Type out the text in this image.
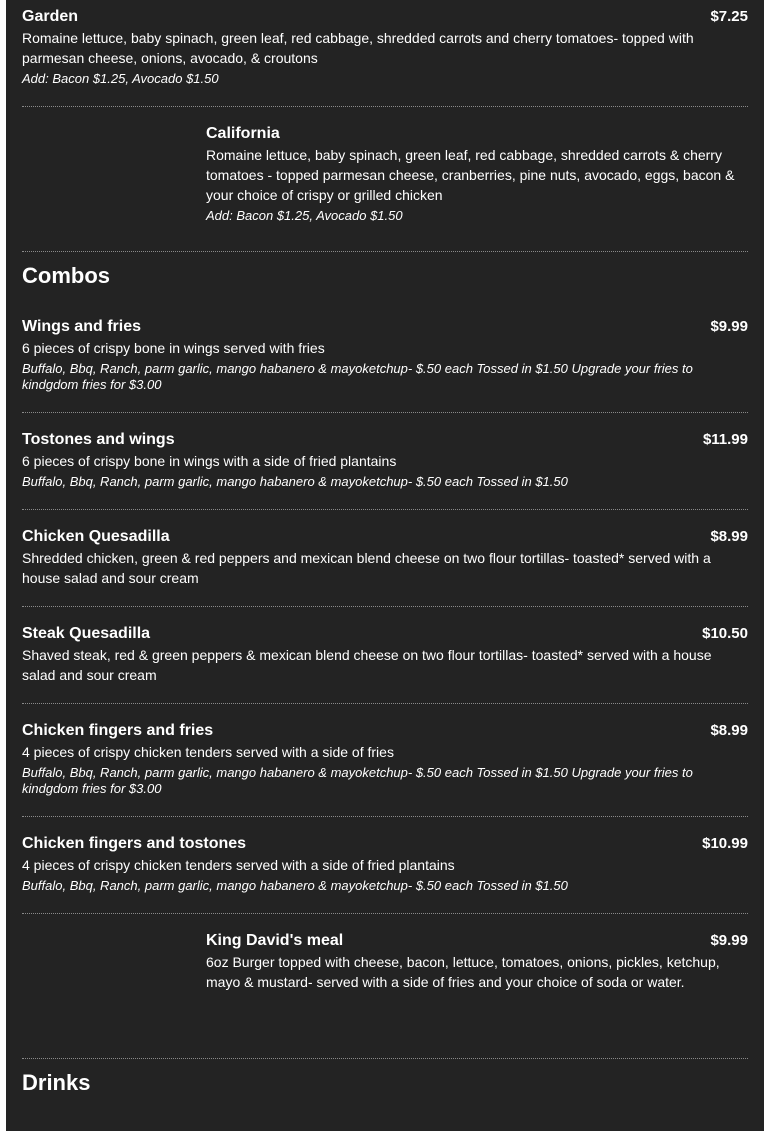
Garden	$7.25
Romaine lettuce, baby spinach, green leaf, red cabbage, shredded carrots and cherry tomatoes- topped with parmesan cheese, onions, avocado, & croutons
Add: Bacon $1.25, Avocado $1.50
California
Romaine lettuce, baby spinach, green leaf, red cabbage, shredded carrots & cherry tomatoes - topped parmesan cheese, cranberries, pine nuts, avocado, eggs, bacon & your choice of crispy or grilled chicken
Add: Bacon $1.25, Avocado $1.50
Combos
Wings and fries	$9.99
6 pieces of crispy bone in wings served with fries
Buffalo, Bbq, Ranch, parm garlic, mango habanero & mayoketchup- $.50 each Tossed in $1.50 Upgrade your fries to kindgdom fries for $3.00
Tostones and wings	$11.99
6 pieces of crispy bone in wings with a side of fried plantains
Buffalo, Bbq, Ranch, parm garlic, mango habanero & mayoketchup- $.50 each Tossed in $1.50
Chicken Quesadilla	$8.99
Shredded chicken, green & red peppers and mexican blend cheese on two flour tortillas- toasted* served with a house salad and sour cream
Steak Quesadilla	$10.50
Shaved steak, red & green peppers & mexican blend cheese on two flour tortillas- toasted* served with a house salad and sour cream
Chicken fingers and fries	$8.99
4 pieces of crispy chicken tenders served with a side of fries
Buffalo, Bbq, Ranch, parm garlic, mango habanero & mayoketchup- $.50 each Tossed in $1.50 Upgrade your fries to kindgdom fries for $3.00
Chicken fingers and tostones	$10.99
4 pieces of crispy chicken tenders served with a side of fried plantains
Buffalo, Bbq, Ranch, parm garlic, mango habanero & mayoketchup- $.50 each Tossed in $1.50
King David's meal	$9.99
6oz Burger topped with cheese, bacon, lettuce, tomatoes, onions, pickles, ketchup, mayo & mustard- served with a side of fries and your choice of soda or water.
Drinks
